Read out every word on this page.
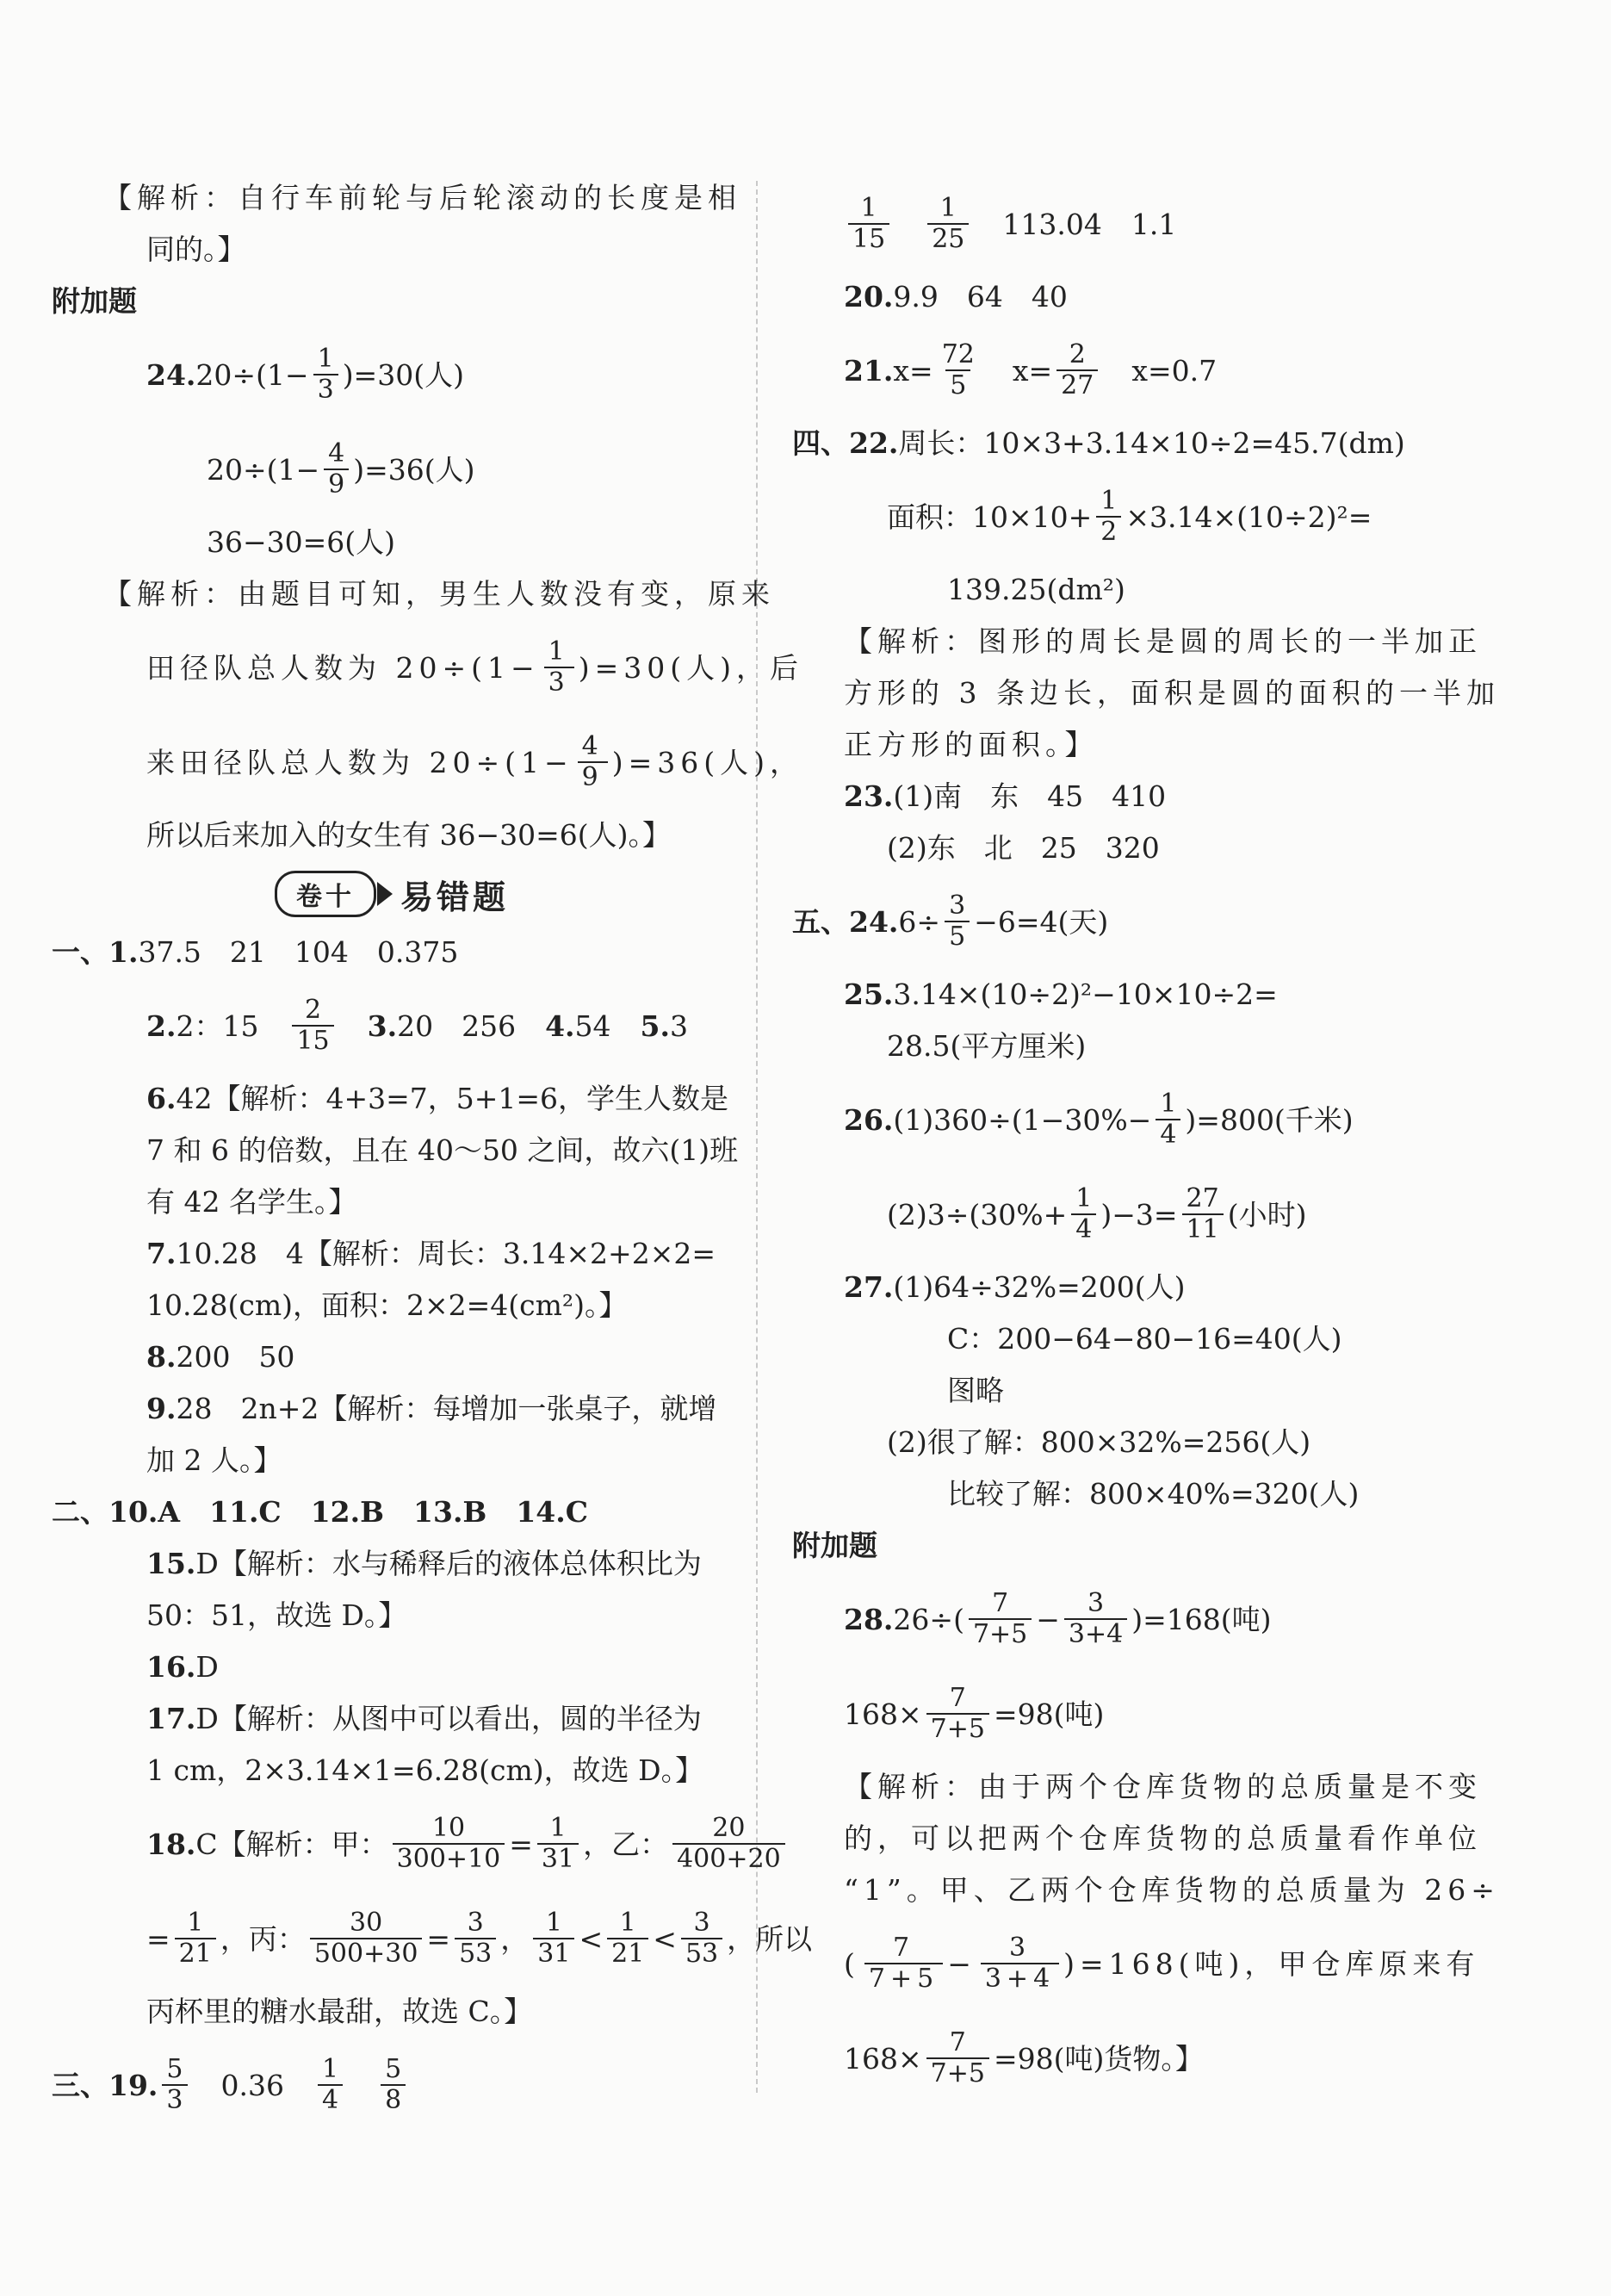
【解析：自行车前轮与后轮滚动的长度是相
同的。】
附加题
24. $20\div(1- \frac{1}{3} )=30$(人)
$20\div(1- \frac{4}{9} )=36$(人)
36−30=6(人)
【解析：由题目可知，男生人数没有变，原来
田径队总人数为 $20\div(1- \frac{1}{3} )=30$(人)，后
来田径队总人数为 $20\div(1- \frac{4}{9} )=36$(人)，
所以后来加入的女生有 36−30=6(人)。】
卷十	易错题
一、 1. 37.5　21　104　0.375
2. 2：$15 \frac{2}{15} 3$. 20　256 4. 54 5. 3
6. 42【解析：4+3=7，5+1=6，学生人数是
7 和 6 的倍数，且在 40～50 之间，故六(1)班
有 42 名学生。】
7. 10.28　4【解析：周长：3.14×2+2×2=
10.28(cm)，面积：2×2=4(cm²)。】
8. 200　50
9. 28　2n+2【解析：每增加一张桌子，就增
加 2 人。】
二、 10.A 11.C 12.B 13.B 14.C
15. D【解析：水与稀释后的液体总体积比为
50：51，故选 D。】
16. D
17. D【解析：从图中可以看出，圆的半径为
1 cm，2×3.14×1=6.28(cm)，故选 D。】
18. C【解析：甲： $\frac{10}{300+10} = \frac{1}{31}$ ，乙： $\frac{20}{400+20}$
= $\frac{1}{21}$ ，丙： $\frac{30}{500+30} = \frac{3}{53}$ ， $\frac{1}{31} < \frac{1}{21} < \frac{3}{53}$ ，所以
丙杯里的糖水最甜，故选 C。】
三、 19. $\frac{5}{3} 0.36 \frac{1}{4} \frac{5}{8}$
$\frac{1}{15} \frac{1}{25} 113.04$ 1.1
20. 9.9　64　40
21. $x= \frac{72}{5} x= \frac{2}{27} x=0.7$
四、 22. 周长：10×3+3.14×10÷2=45.7(dm)
面积：$10\times 10+ \frac{1}{2} \times 3.14\times(10\div 2)^2=$
139.25(dm²)
【解析：图形的周长是圆的周长的一半加正
方形的 3 条边长，面积是圆的面积的一半加
正方形的面积。】
23. (1)南　东　45　410
(2)东　北　25　320
五、 24. $6\div \frac{3}{5} -6=4$(天)
25. 3.14×(10÷2)²−10×10÷2=
28.5(平方厘米)
26. $(1)360\div(1-30\%- \frac{1}{4} )=800$(千米)
$(2)3\div(30\%+ \frac{1}{4} )-3= \frac{27}{11}$ (小时)
27. (1)64÷32%=200(人)
C：200−64−80−16=40(人)
图略
(2)很了解：800×32%=256(人)
比较了解：800×40%=320(人)
附加题
28. $26\div( \frac{7}{7+5} - \frac{3}{3+4} )=168$(吨)
$168\times \frac{7}{7+5} =98$(吨)
【解析：由于两个仓库货物的总质量是不变
的，可以把两个仓库货物的总质量看作单位
“1”。甲、乙两个仓库货物的总质量为 26÷
( $\frac{7}{7+5} - \frac{3}{3+4} )=168$(吨)，甲仓库原来有
$168\times \frac{7}{7+5} =98$(吨)货物。】
